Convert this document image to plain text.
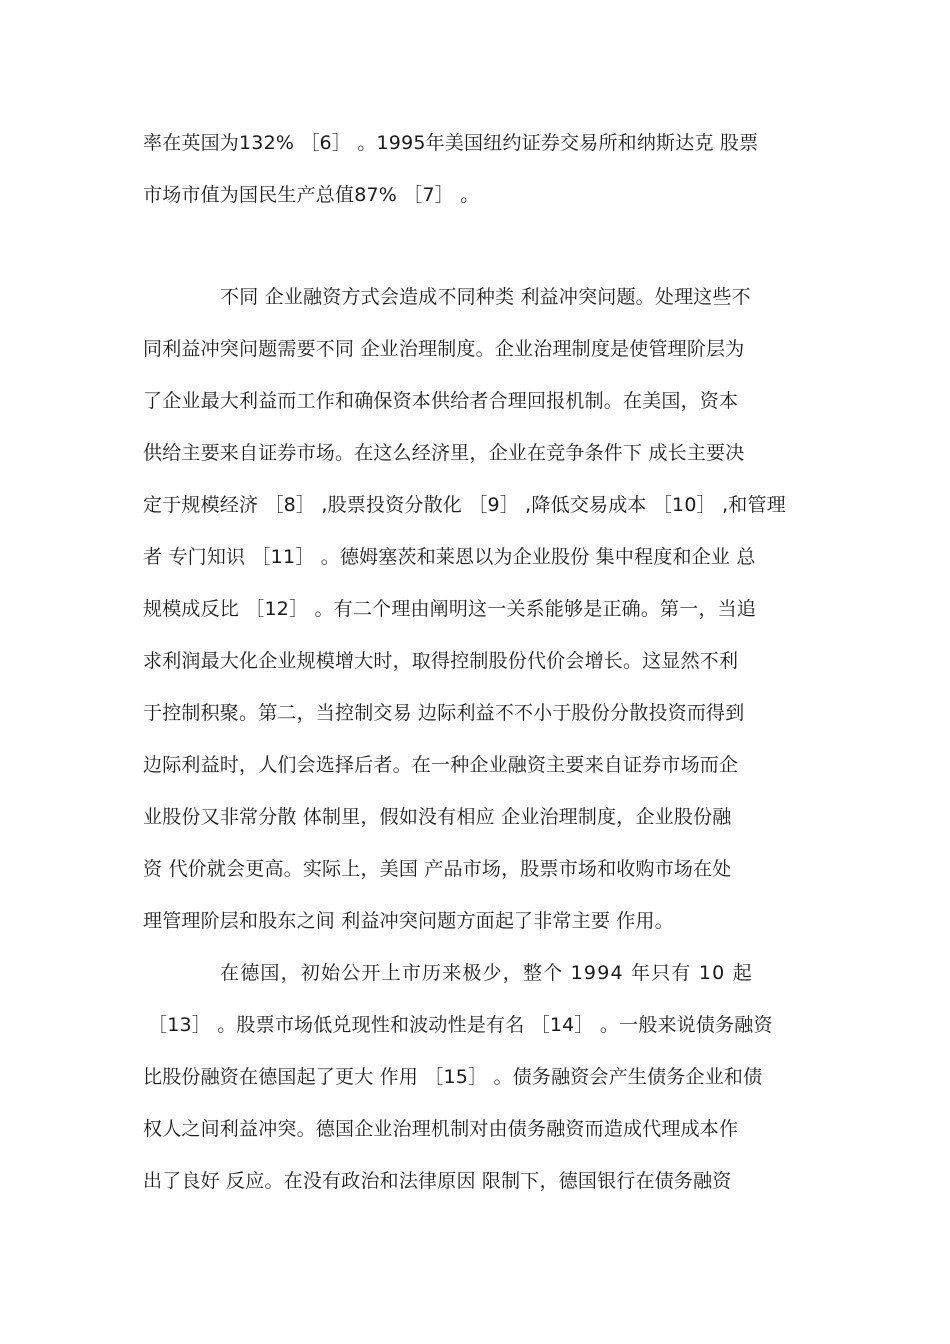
率在英国为132% ［6］ 。1995年美国纽约证券交易所和纳斯达克 股票
市场市值为国民生产总值87% ［7］ 。
不同 企业融资方式会造成不同种类 利益冲突问题。处理这些不
同利益冲突问题需要不同 企业治理制度。企业治理制度是使管理阶层为
了企业最大利益而工作和确保资本供给者合理回报机制。在美国，资本
供给主要来自证券市场。在这么经济里，企业在竞争条件下 成长主要决
定于规模经济 ［8］ ,股票投资分散化 ［9］ ,降低交易成本 ［10］ ,和管理
者 专门知识 ［11］ 。德姆塞茨和莱恩以为企业股份 集中程度和企业 总
规模成反比 ［12］ 。有二个理由阐明这一关系能够是正确。第一，当追
求利润最大化企业规模增大时，取得控制股份代价会增长。这显然不利
于控制积聚。第二，当控制交易 边际利益不不小于股份分散投资而得到
边际利益时，人们会选择后者。在一种企业融资主要来自证券市场而企
业股份又非常分散 体制里，假如没有相应 企业治理制度，企业股份融
资 代价就会更高。实际上，美国 产品市场，股票市场和收购市场在处
理管理阶层和股东之间 利益冲突问题方面起了非常主要 作用。
在德国，初始公开上市历来极少，整个 1994 年只有 10 起
［13］ 。股票市场低兑现性和波动性是有名 ［14］ 。一般来说债务融资
比股份融资在德国起了更大 作用 ［15］ 。债务融资会产生债务企业和债
权人之间利益冲突。德国企业治理机制对由债务融资而造成代理成本作
出了良好 反应。在没有政治和法律原因 限制下，德国银行在债务融资
